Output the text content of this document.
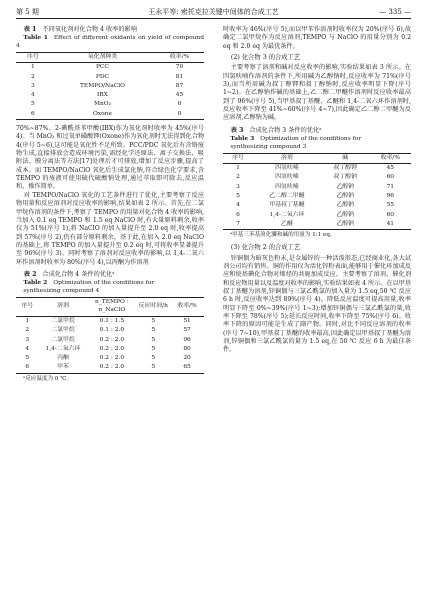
第 5 期	王永平等: 索托克拉关键中间体的合成工艺	— 335 —

表 1 不同氧化剂对化合物 4 收率的影响

Table 1 Effect of different oxidants on yield of compound 4

序号	氧化剂种类	收率/%
1	PCC	70
2	PDC	81
3	TEMPO/NaClO	87
4	IBX	45
5	MnO₂	0
6	Oxone	0

70%~87%。2-碘酰基苯甲酸(IBX)作为氧化剂时收率为 45%(序号 4)。当 MnO₂ 和过氧单磺酸钾(Oxone)作为氧化剂时无法得到化合物 4(序号 5~6),这可能是氧化性不足所致。PCC/PDC 氧化后有含铬废物生成,直接排放会造成环境污染,需经化学还原法、离子交换法、吸附法、膜分离法等方法[17]处理后才可排放,增加了反应步骤,提高了成本。而 TEMPO/NaClO 氧化后生成氯化钠,符合绿色化学要求,含 TEMPO 的废液可使用硫代硫酸钠处理,通过萃取即可除去,反应温和、操作简单。

对 TEMPO/NaClO 氧化的工艺条件进行了优化,主要考察了反应物用量和反应溶剂对反应收率的影响,结果如表 2 所示。首先,在二氯甲烷作溶剂的条件下,考察了 TEMPO 的用量对化合物 4 收率的影响,当加入 0.1 eq TEMPO 和 1.5 eq NaClO 时,有大量原料剩余,收率仅为 51%(序号 1),将 NaClO 的加入量提升至 2.0 eq 时,收率提高到 57%(序号 2),仍有部分原料剩余。基于此,在加入 2.0 eq NaClO 的基础上,将 TEMPO 的加入量提升至 0.2 eq 时,可将收率显著提升至 96%(序号 3)。同时考察了溶剂对反应收率的影响,以 1,4-二氧六环作溶剂时收率为 80%(序号 4),以丙酮为作溶剂

表 2 合成化合物 4 条件的优化ᵃ

Table 2 Optimization of the conditions for

synthesizing compound 4

序号	溶剂	n_TEMPO : n_NaClO	反应时间/h	收率/%
1	二氯甲烷	0.1 : 1.5	5	51
2	二氯甲烷	0.1 : 2.0	5	57
3	二氯甲烷	0.2 : 2.0	5	96
4	1,4-二氧六环	0.2 : 2.0	5	80
5	丙酮	0.2 : 2.0	5	20
6	甲苯	0.2 : 2.0	5	65

ᵃ反应温度为 0 ℃。

时收率为 46%(序号 5),而以甲苯作溶剂时收率仅为 20%(序号 6),故确定二氯甲烷作为反应溶剂,TEMPO 与 NaClO 的用量分别为 0.2 eq 和 2.0 eq 为最优条件。

(2) 化合物 3 的合成工艺

主要考察了溶剂和碱对反应收率的影响,实验结果如表 3 所示。在四氢呋喃作溶剂的条件下,所用碱为乙醇钠时,反应收率为 71%(序号 3),而当所用碱为叔丁醇钾和叔丁醇钠时,反应收率明显下降(序号 1~2)。在乙醇钠作碱的基础上,乙二醇二甲醚作溶剂时反应收率最高到了 96%(序号 5),当甲基叔丁基醚、乙醚和 1,4-二氧六环作溶剂时,反应收率下降至 41%~60%(序号 4~7),因此确定乙二醇二甲醚为反应溶剂,乙醇钠为碱。

表 3 合成化合物 3 条件的优化ᵃ

Table 3 Optimization of the conditions for

synthesizing compound 3

序号	溶剂	碱	收率/%
1	四氢呋喃	叔丁醇钾	45
2	四氢呋喃	叔丁醇钠	60
3	四氢呋喃	乙醇钠	71
5	乙二醇二甲醚	乙醇钠	96
4	甲基叔丁基醚	乙醇钠	55
6	1,4-二氧六环	乙醇钠	60
7	乙醚	乙醇钠	41

ᵃ甲基三苯基溴化膦和碱的用量为 1:1 eq。

(3) 化合物 2 的合成工艺

锌铜偶为暗灰色粉末,是金属锌的一种活泼形态,已经商业化,各大试剂公司均有销售。铜的作用仅为活化锌粉表面,能够用于催化环加成反应和烷基碘化合物对烯烃的共轭加成反应。主要考察了溶剂、催化剂和反应物用量以及温度对收率的影响,实验结果如表 4 所示。在以甲基叔丁基醚为溶剂,锌铜偶与三氯乙酰氯的加入量为 1.5 eq,50 ℃ 反应 6 h 时,反应收率达到 89%(序号 4)。降低反应温度可提高用量,收率明显下降至 0%~39%(序号 1~3);增加锌铜偶与三氯乙酰氯的量,收率下降至 78%(序号 5);延长反应时间,收率下降至 75%(序号 6)。收率下降的原因可能是生成了副产物。同时,对比不同反应溶剂的收率(序号 7~10),甲基叔丁基醚的收率最高,因此确定以甲基叔丁基醚为溶剂,锌铜偶和三氯乙酰氯的量为 1.5 eq,在 50 ℃ 反应 6 h 为最佳条件。
